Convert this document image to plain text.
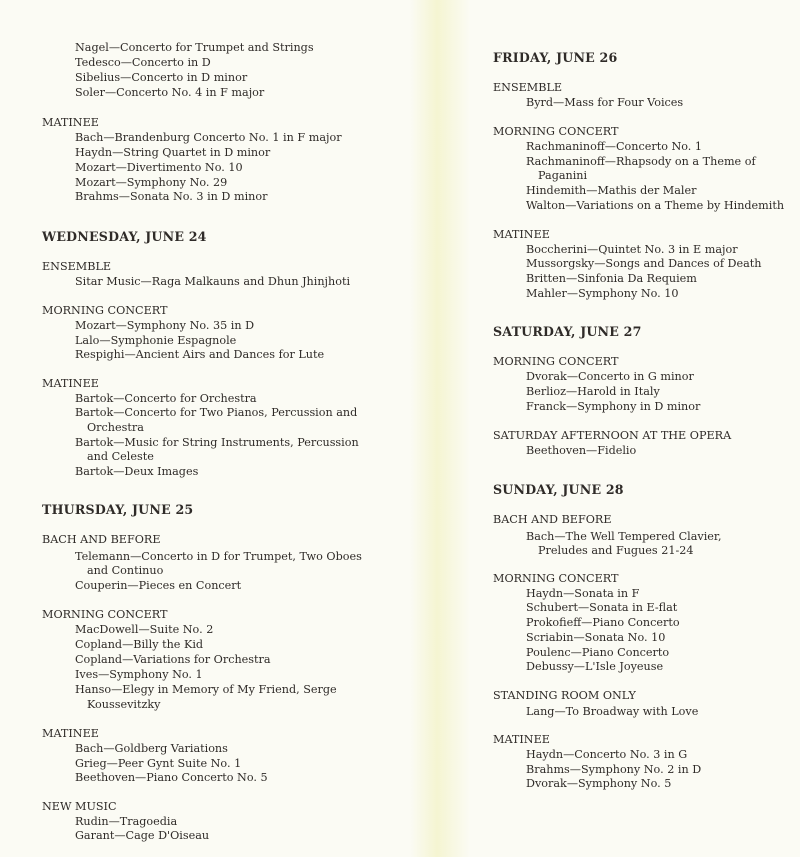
Nagel—Concerto for Trumpet and Strings
Tedesco—Concerto in D
Sibelius—Concerto in D minor
Soler—Concerto No. 4 in F major
MATINEE
Bach—Brandenburg Concerto No. 1 in F major
Haydn—String Quartet in D minor
Mozart—Divertimento No. 10
Mozart—Symphony No. 29
Brahms—Sonata No. 3 in D minor
WEDNESDAY, JUNE 24
ENSEMBLE
Sitar Music—Raga Malkauns and Dhun Jhinjhoti
MORNING CONCERT
Mozart—Symphony No. 35 in D
Lalo—Symphonie Espagnole
Respighi—Ancient Airs and Dances for Lute
MATINEE
Bartok—Concerto for Orchestra
Bartok—Concerto for Two Pianos, Percussion and
Orchestra
Bartok—Music for String Instruments, Percussion
and Celeste
Bartok—Deux Images
THURSDAY, JUNE 25
BACH AND BEFORE
Telemann—Concerto in D for Trumpet, Two Oboes
and Continuo
Couperin—Pieces en Concert
MORNING CONCERT
MacDowell—Suite No. 2
Copland—Billy the Kid
Copland—Variations for Orchestra
Ives—Symphony No. 1
Hanso—Elegy in Memory of My Friend, Serge
Koussevitzky
MATINEE
Bach—Goldberg Variations
Grieg—Peer Gynt Suite No. 1
Beethoven—Piano Concerto No. 5
NEW MUSIC
Rudin—Tragoedia
Garant—Cage D'Oiseau
FRIDAY, JUNE 26
ENSEMBLE
Byrd—Mass for Four Voices
MORNING CONCERT
Rachmaninoff—Concerto No. 1
Rachmaninoff—Rhapsody on a Theme of
Paganini
Hindemith—Mathis der Maler
Walton—Variations on a Theme by Hindemith
MATINEE
Boccherini—Quintet No. 3 in E major
Mussorgsky—Songs and Dances of Death
Britten—Sinfonia Da Requiem
Mahler—Symphony No. 10
SATURDAY, JUNE 27
MORNING CONCERT
Dvorak—Concerto in G minor
Berlioz—Harold in Italy
Franck—Symphony in D minor
SATURDAY AFTERNOON AT THE OPERA
Beethoven—Fidelio
SUNDAY, JUNE 28
BACH AND BEFORE
Bach—The Well Tempered Clavier,
Preludes and Fugues 21-24
MORNING CONCERT
Haydn—Sonata in F
Schubert—Sonata in E-flat
Prokofieff—Piano Concerto
Scriabin—Sonata No. 10
Poulenc—Piano Concerto
Debussy—L'Isle Joyeuse
STANDING ROOM ONLY
Lang—To Broadway with Love
MATINEE
Haydn—Concerto No. 3 in G
Brahms—Symphony No. 2 in D
Dvorak—Symphony No. 5
